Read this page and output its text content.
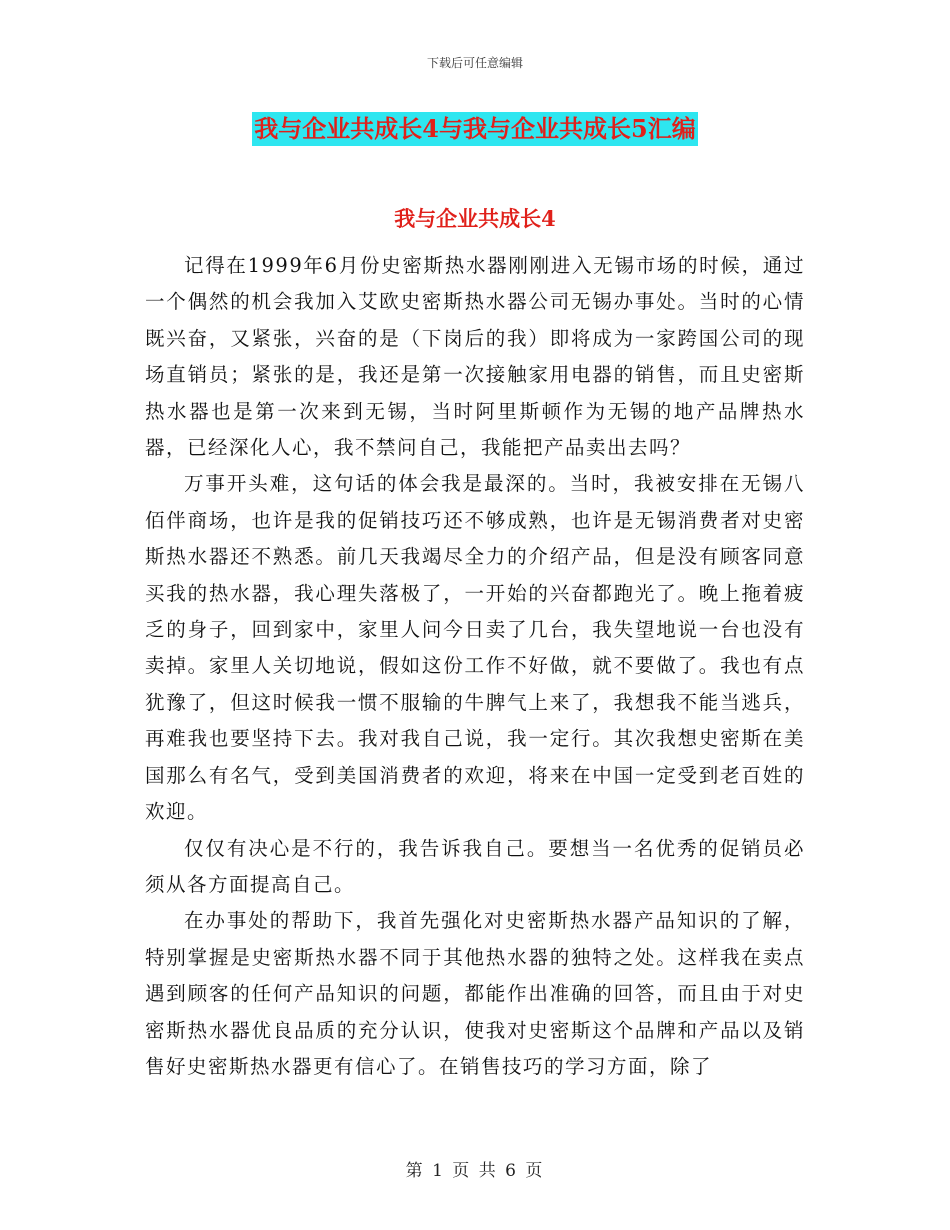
下载后可任意编辑
我与企业共成长4与我与企业共成长5汇编
我与企业共成长4

记得在1999年6月份史密斯热水器刚刚进入无锡市场的时候，通过一个偶然的机会我加入艾欧史密斯热水器公司无锡办事处。当时的心情既兴奋，又紧张，兴奋的是（下岗后的我）即将成为一家跨国公司的现场直销员；紧张的是，我还是第一次接触家用电器的销售，而且史密斯热水器也是第一次来到无锡，当时阿里斯顿作为无锡的地产品牌热水器，已经深化人心，我不禁问自己，我能把产品卖出去吗？

万事开头难，这句话的体会我是最深的。当时，我被安排在无锡八佰伴商场，也许是我的促销技巧还不够成熟，也许是无锡消费者对史密斯热水器还不熟悉。前几天我竭尽全力的介绍产品，但是没有顾客同意买我的热水器，我心理失落极了，一开始的兴奋都跑光了。晚上拖着疲乏的身子，回到家中，家里人问今日卖了几台，我失望地说一台也没有卖掉。家里人关切地说，假如这份工作不好做，就不要做了。我也有点犹豫了，但这时候我一惯不服输的牛脾气上来了，我想我不能当逃兵，再难我也要坚持下去。我对我自己说，我一定行。其次我想史密斯在美国那么有名气，受到美国消费者的欢迎，将来在中国一定受到老百姓的欢迎。

仅仅有决心是不行的，我告诉我自己。要想当一名优秀的促销员必须从各方面提高自己。

在办事处的帮助下，我首先强化对史密斯热水器产品知识的了解，特别掌握是史密斯热水器不同于其他热水器的独特之处。这样我在卖点遇到顾客的任何产品知识的问题，都能作出准确的回答，而且由于对史密斯热水器优良品质的充分认识，使我对史密斯这个品牌和产品以及销售好史密斯热水器更有信心了。在销售技巧的学习方面，除了

第 1 页 共 6 页
